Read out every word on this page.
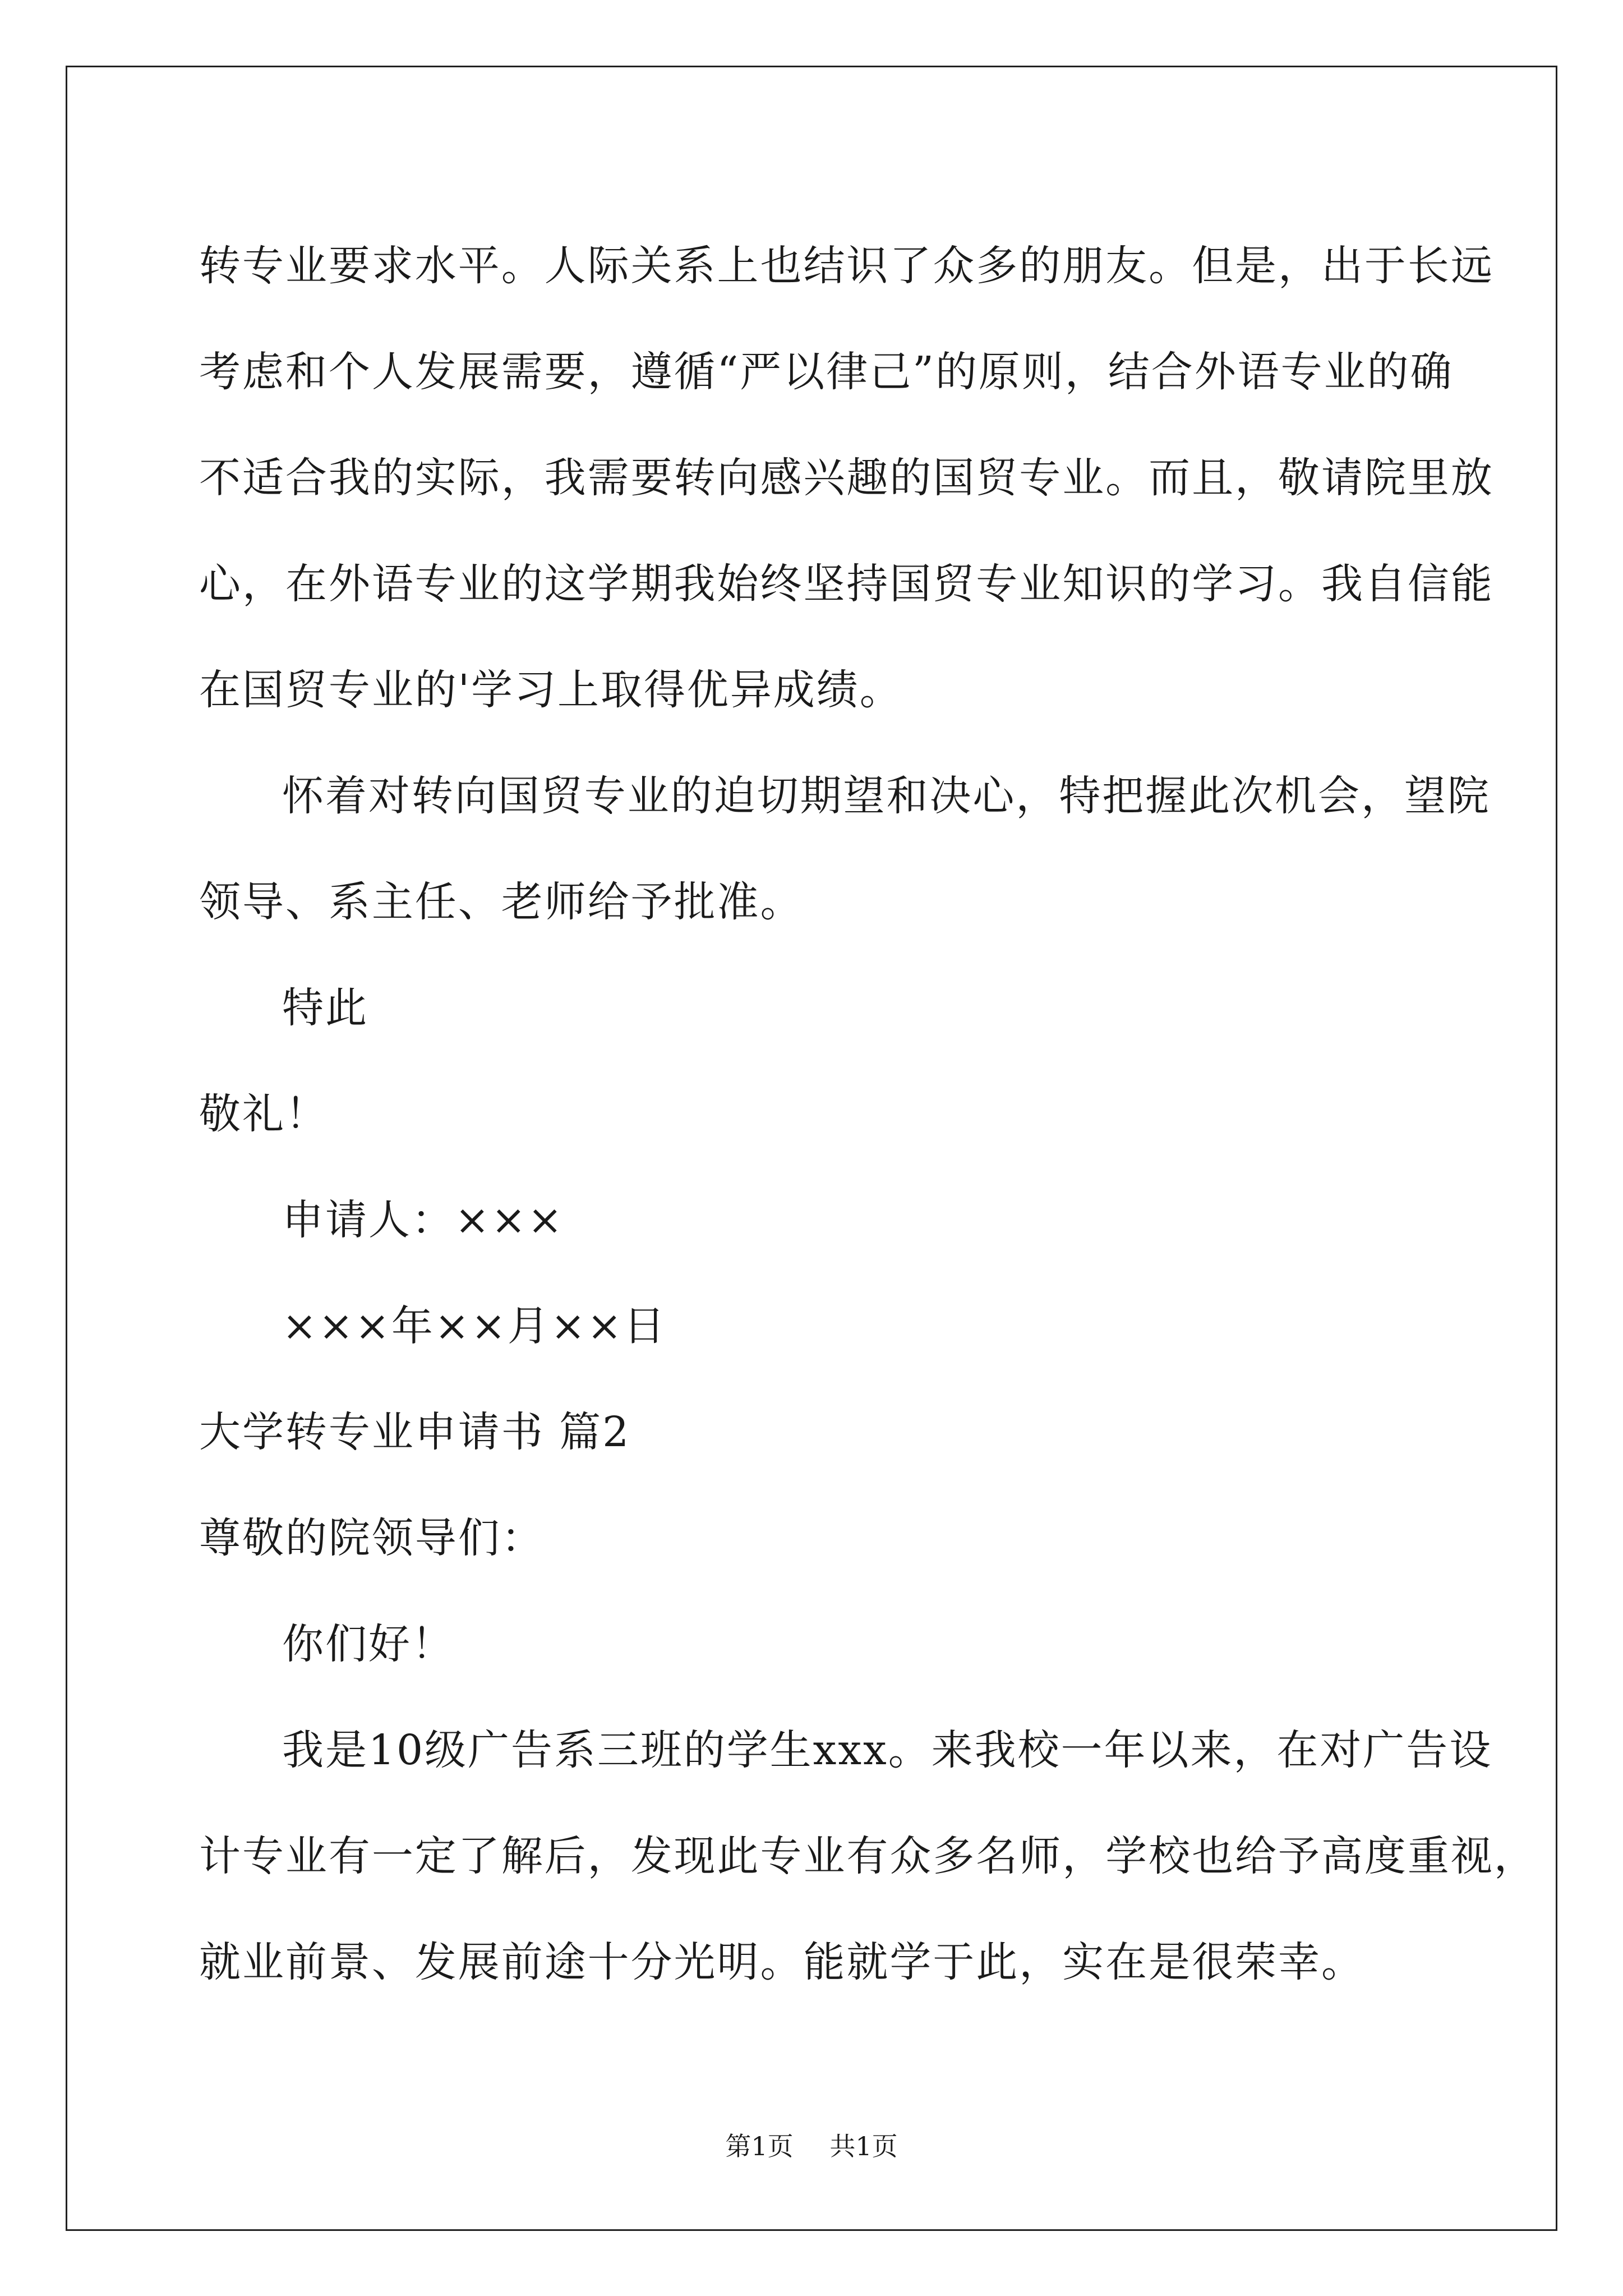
转专业要求水平。人际关系上也结识了众多的朋友。但是，出于长远
考虑和个人发展需要，遵循“严以律己”的原则，结合外语专业的确
不适合我的实际，我需要转向感兴趣的国贸专业。而且，敬请院里放
心，在外语专业的这学期我始终坚持国贸专业知识的学习。我自信能
在国贸专业的'学习上取得优异成绩。
怀着对转向国贸专业的迫切期望和决心，特把握此次机会，望院
领导、系主任、老师给予批准。
特此
敬礼！
申请人：×××
×××年××月××日
大学转专业申请书 篇2
尊敬的院领导们：
你们好！
我是10级广告系三班的学生xxx。来我校一年以来，在对广告设
计专业有一定了解后，发现此专业有众多名师，学校也给予高度重视，
就业前景、发展前途十分光明。能就学于此，实在是很荣幸。
第1页 共1页
